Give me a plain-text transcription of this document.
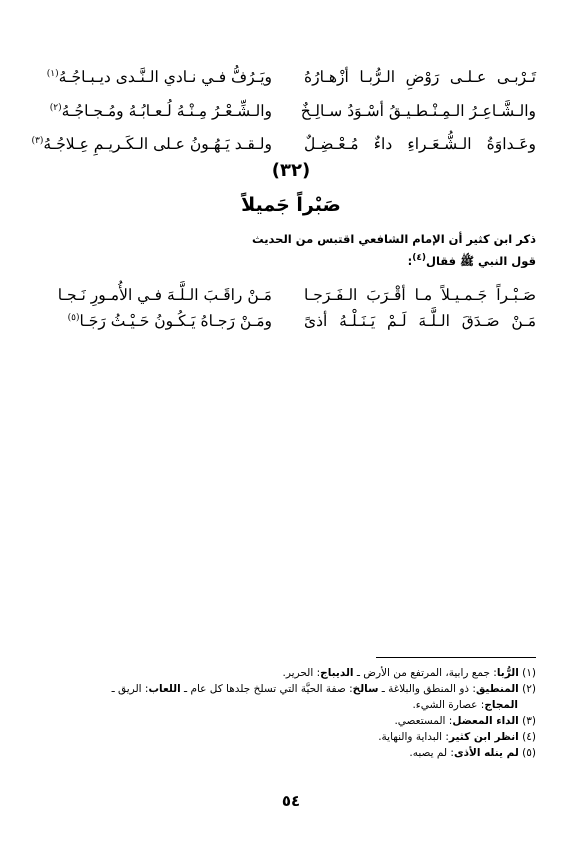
تَـرْبـى عـلـى رَوْضِ الـرُّبـا أزْهـارُهُ
ويَـرُفُّ فـي نـادي الـنَّـدى ديـبـاجُـهُ$^{(١)}$
والـشَّـاعِـرُ الـمِـنْـطـيـقُ أسْـوَدُ سـالِـخٌ
والـشِّـعْـرُ مِـنْـهُ لُـعـابُـهُ ومُـجـاجُـهُ$^{(٢)}$
وعَـداوَةُ الـشُّـعَـراءِ داءٌ مُـعْـضِـلٌ
ولـقـد يَـهُـونُ عـلى الـكَـريـمِ عِـلاجُـهُ$^{(٣)}$
(٣٢)
صَبْراً جَميلاً
ذكر ابن كثير أن الإمام الشافعي اقتبس من الحديث
قول النبي ﷺ فقال$^{(٤)}$:
صَـبْـراً جَـمـيـلاً مـا أقْـرَبَ الـفَـرَجـا
مَـنْ راقَـبَ الـلَّـهَ فـي الأُمـورِ نَـجـا
مَـنْ صَـدَقَ الـلَّـهَ لَـمْ يَـنَـلْـهُ أذىً
ومَـنْ رَجـاهُ يَـكُـونُ حَـيْـثُ رَجَـا$^{(٥)}$

(١) الرُّبا: جمع رابية، المرتفع من الأرض ـ الديباج: الحرير.

(٢) المنطيق: ذو المنطق والبلاغة ـ سالخ: صفة الحيَّة التي تسلخ جلدها كل عام ـ اللعاب: الريق ـ

المجاج: عصارة الشيء.

(٣) الداء المعضل: المستعصي.

(٤) انظر ابن كثير: البداية والنهاية.

(٥) لم ينله الأذى: لم يصبه.

٥٤
